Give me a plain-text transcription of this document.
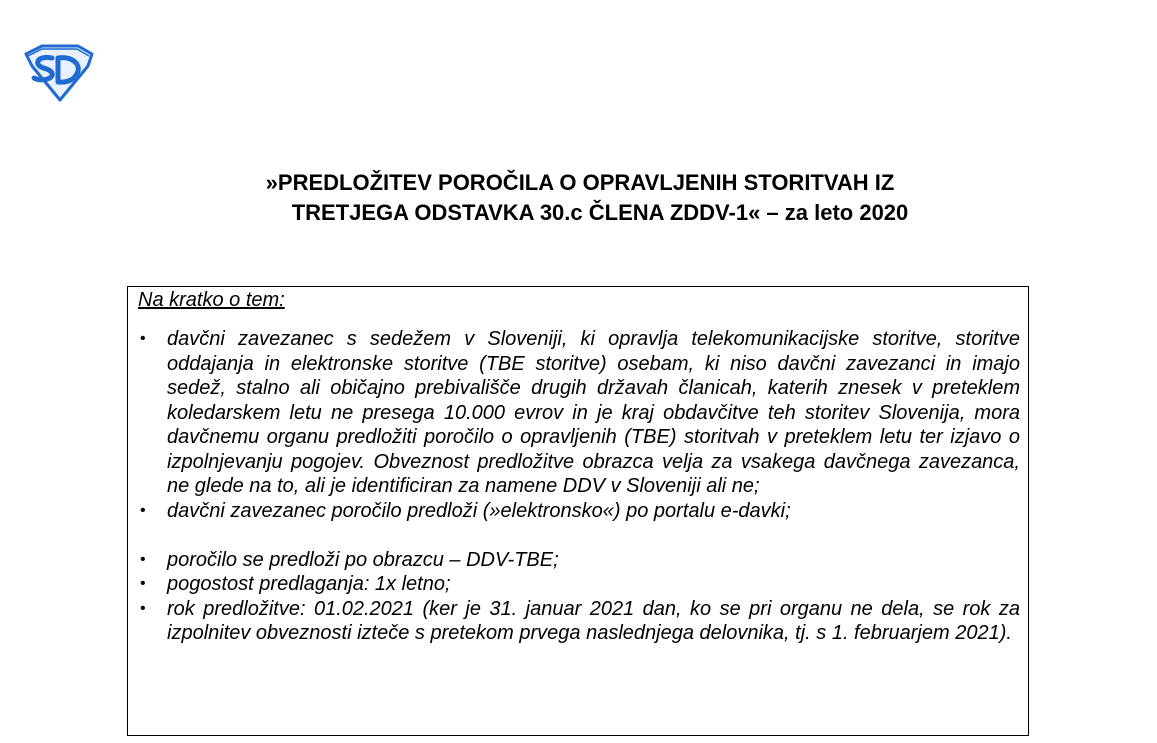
»PREDLOŽITEV POROČILA O OPRAVLJENIH STORITVAH IZ
TRETJEGA ODSTAVKA 30.c ČLENA ZDDV-1« – za leto 2020
Na kratko o tem:
• davčni zavezanec s sedežem v Sloveniji, ki opravlja telekomunikacijske storitve, storitve oddajanja in elektronske storitve (TBE storitve) osebam, ki niso davčni zavezanci in imajo sedež, stalno ali običajno prebivališče drugih državah članicah, katerih znesek v preteklem koledarskem letu ne presega 10.000 evrov in je kraj obdavčitve teh storitev Slovenija, mora davčnemu organu predložiti poročilo o opravljenih (TBE) storitvah v preteklem letu ter izjavo o izpolnjevanju pogojev. Obveznost predložitve obrazca velja za vsakega davčnega zavezanca, ne glede na to, ali je identificiran za namene DDV v Sloveniji ali ne;
• davčni zavezanec poročilo predloži (»elektronsko«) po portalu e-davki;
• poročilo se predloži po obrazcu – DDV-TBE;
• pogostost predlaganja: 1x letno;
• rok predložitve: 01.02.2021 (ker je 31. januar 2021 dan, ko se pri organu ne dela, se rok za izpolnitev obveznosti izteče s pretekom prvega naslednjega delovnika, tj. s 1. februarjem 2021).
